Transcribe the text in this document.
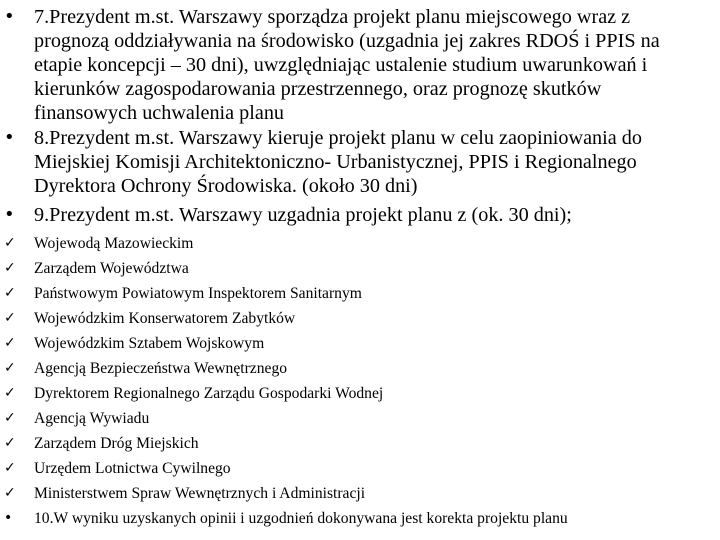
• 7.Prezydent m.st. Warszawy sporządza projekt planu miejscowego wraz z
prognozą oddziaływania na środowisko (uzgadnia jej zakres RDOŚ i PPIS na
etapie koncepcji – 30 dni), uwzględniając ustalenie studium uwarunkowań i
kierunków zagospodarowania przestrzennego, oraz prognozę skutków
finansowych uchwalenia planu
• 8.Prezydent m.st. Warszawy kieruje projekt planu w celu zaopiniowania do
Miejskiej Komisji Architektoniczno- Urbanistycznej, PPIS i Regionalnego
Dyrektora Ochrony Środowiska. (około 30 dni)
• 9.Prezydent m.st. Warszawy uzgadnia projekt planu z (ok. 30 dni);
✓	Wojewodą Mazowieckim
✓	Zarządem Województwa
✓	Państwowym Powiatowym Inspektorem Sanitarnym
✓	Wojewódzkim Konserwatorem Zabytków
✓	Wojewódzkim Sztabem Wojskowym
✓	Agencją Bezpieczeństwa Wewnętrznego
✓	Dyrektorem Regionalnego Zarządu Gospodarki Wodnej
✓	Agencją Wywiadu
✓	Zarządem Dróg Miejskich
✓	Urzędem Lotnictwa Cywilnego
✓	Ministerstwem Spraw Wewnętrznych i Administracji
•	10.W wyniku uzyskanych opinii i uzgodnień dokonywana jest korekta projektu planu
